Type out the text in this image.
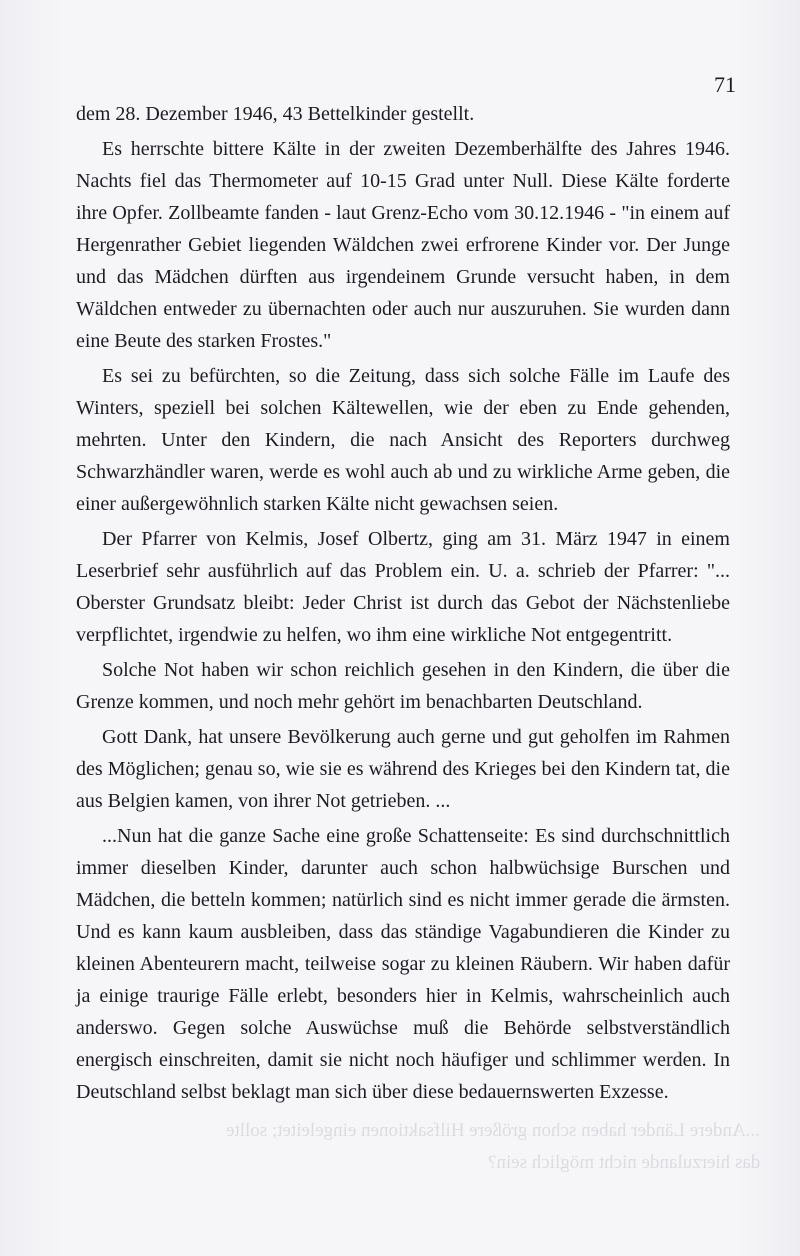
71
...Andere Länder haben schon größere Hilfsaktionen eingeleitet; sollte
das hierzulande nicht möglich sein?

dem 28. Dezember 1946, 43 Bettelkinder gestellt.

Es herrschte bittere Kälte in der zweiten Dezemberhälfte des Jahres 1946. Nachts fiel das Thermometer auf 10-15 Grad unter Null. Diese Kälte forderte ihre Opfer. Zollbeamte fanden - laut Grenz-Echo vom 30.12.1946 - "in einem auf Hergenrather Gebiet liegenden Wäldchen zwei erfrorene Kinder vor. Der Junge und das Mädchen dürften aus irgendeinem Grunde versucht haben, in dem Wäldchen entweder zu übernachten oder auch nur auszuruhen. Sie wurden dann eine Beute des starken Frostes."

Es sei zu befürchten, so die Zeitung, dass sich solche Fälle im Laufe des Winters, speziell bei solchen Kältewellen, wie der eben zu Ende gehenden, mehrten. Unter den Kindern, die nach Ansicht des Reporters durchweg Schwarzhändler waren, werde es wohl auch ab und zu wirkliche Arme geben, die einer außergewöhnlich starken Kälte nicht gewachsen seien.

Der Pfarrer von Kelmis, Josef Olbertz, ging am 31. März 1947 in einem Leserbrief sehr ausführlich auf das Problem ein. U. a. schrieb der Pfarrer: "... Oberster Grundsatz bleibt: Jeder Christ ist durch das Gebot der Nächstenliebe verpflichtet, irgendwie zu helfen, wo ihm eine wirkliche Not entgegentritt.

Solche Not haben wir schon reichlich gesehen in den Kindern, die über die Grenze kommen, und noch mehr gehört im benachbarten Deutschland.

Gott Dank, hat unsere Bevölkerung auch gerne und gut geholfen im Rahmen des Möglichen; genau so, wie sie es während des Krieges bei den Kindern tat, die aus Belgien kamen, von ihrer Not getrieben. ...

...Nun hat die ganze Sache eine große Schattenseite: Es sind durchschnittlich immer dieselben Kinder, darunter auch schon halbwüchsige Burschen und Mädchen, die betteln kommen; natürlich sind es nicht immer gerade die ärmsten. Und es kann kaum ausbleiben, dass das ständige Vagabundieren die Kinder zu kleinen Abenteurern macht, teilweise sogar zu kleinen Räubern. Wir haben dafür ja einige traurige Fälle erlebt, besonders hier in Kelmis, wahrscheinlich auch anderswo. Gegen solche Auswüchse muß die Behörde selbstverständlich energisch einschreiten, damit sie nicht noch häufiger und schlimmer werden. In Deutschland selbst beklagt man sich über diese bedauernswerten Exzesse.
